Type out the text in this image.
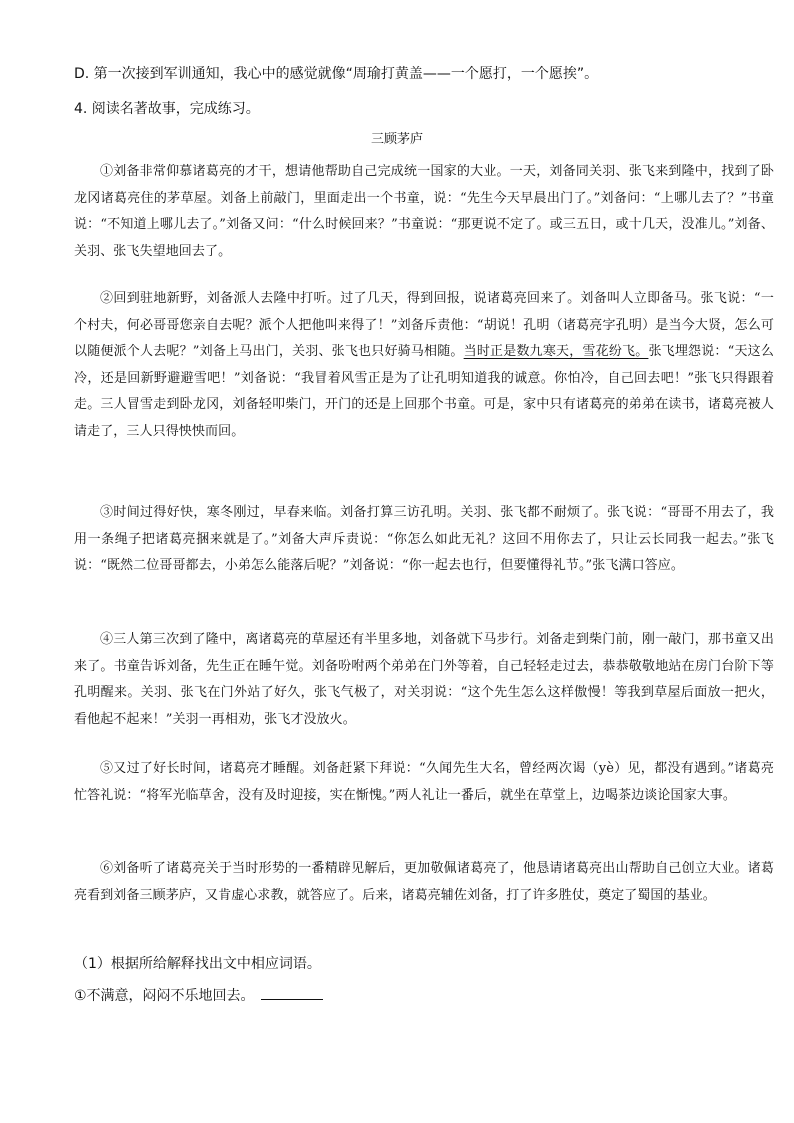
D. 第一次接到军训通知，我心中的感觉就像“周瑜打黄盖——一个愿打，一个愿挨”。
4. 阅读名著故事，完成练习。
三顾茅庐
①刘备非常仰慕诸葛亮的才干，想请他帮助自己完成统一国家的大业。一天，刘备同关羽、张飞来到隆中，找到了卧龙冈诸葛亮住的茅草屋。刘备上前敲门，里面走出一个书童，说：“先生今天早晨出门了。”刘备问：“上哪儿去了？”书童说：“不知道上哪儿去了。”刘备又问：“什么时候回来？”书童说：“那更说不定了。或三五日，或十几天，没准儿。”刘备、关羽、张飞失望地回去了。
②回到驻地新野，刘备派人去隆中打听。过了几天，得到回报，说诸葛亮回来了。刘备叫人立即备马。张飞说：“一个村夫，何必哥哥您亲自去呢？派个人把他叫来得了！”刘备斥责他：“胡说！孔明（诸葛亮字孔明）是当今大贤，怎么可以随便派个人去呢？”刘备上马出门，关羽、张飞也只好骑马相随。当时正是数九寒天，雪花纷飞。张飞埋怨说：“天这么冷，还是回新野避避雪吧！”刘备说：“我冒着风雪正是为了让孔明知道我的诚意。你怕冷，自己回去吧！”张飞只得跟着走。三人冒雪走到卧龙冈，刘备轻叩柴门，开门的还是上回那个书童。可是，家中只有诸葛亮的弟弟在读书，诸葛亮被人请走了，三人只得怏怏而回。
③时间过得好快，寒冬刚过，早春来临。刘备打算三访孔明。关羽、张飞都不耐烦了。张飞说：“哥哥不用去了，我用一条绳子把诸葛亮捆来就是了。”刘备大声斥责说：“你怎么如此无礼？这回不用你去了，只让云长同我一起去。”张飞说：“既然二位哥哥都去，小弟怎么能落后呢？”刘备说：“你一起去也行，但要懂得礼节。”张飞满口答应。
④三人第三次到了隆中，离诸葛亮的草屋还有半里多地，刘备就下马步行。刘备走到柴门前，刚一敲门，那书童又出来了。书童告诉刘备，先生正在睡午觉。刘备吩咐两个弟弟在门外等着，自己轻轻走过去，恭恭敬敬地站在房门台阶下等孔明醒来。关羽、张飞在门外站了好久，张飞气极了，对关羽说：“这个先生怎么这样傲慢！等我到草屋后面放一把火，看他起不起来！”关羽一再相劝，张飞才没放火。
⑤又过了好长时间，诸葛亮才睡醒。刘备赶紧下拜说：“久闻先生大名，曾经两次谒（yè）见，都没有遇到。”诸葛亮忙答礼说：“将军光临草舍，没有及时迎接，实在惭愧。”两人礼让一番后，就坐在草堂上，边喝茶边谈论国家大事。
⑥刘备听了诸葛亮关于当时形势的一番精辟见解后，更加敬佩诸葛亮了，他恳请诸葛亮出山帮助自己创立大业。诸葛亮看到刘备三顾茅庐，又肯虚心求教，就答应了。后来，诸葛亮辅佐刘备，打了许多胜仗，奠定了蜀国的基业。
（1）根据所给解释找出文中相应词语。
①不满意，闷闷不乐地回去。
